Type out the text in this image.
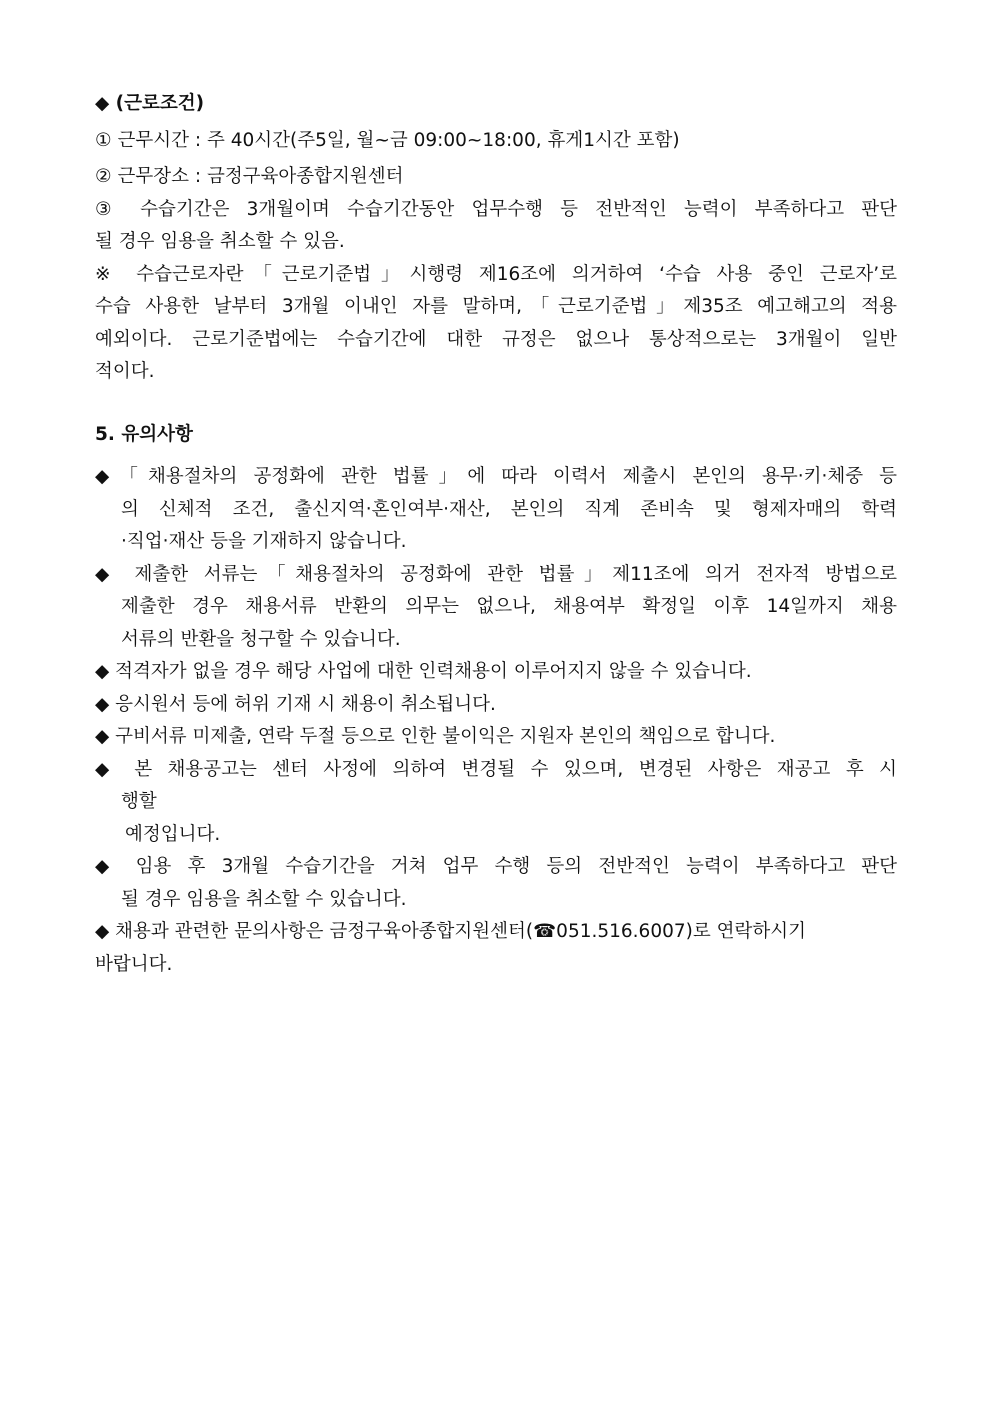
◆ (근로조건)
① 근무시간 : 주 40시간(주5일, 월~금 09:00~18:00, 휴게1시간 포함)
② 근무장소 : 금정구육아종합지원센터
③ 수습기간은 3개월이며 수습기간동안 업무수행 등 전반적인 능력이 부족하다고 판단
될 경우 임용을 취소할 수 있음.
※ 수습근로자란「근로기준법」시행령 제16조에 의거하여 ‘수습 사용 중인 근로자’로
수습 사용한 날부터 3개월 이내인 자를 말하며,「근로기준법」제35조 예고해고의 적용
예외이다. 근로기준법에는 수습기간에 대한 규정은 없으나 통상적으로는 3개월이 일반
적이다.
5. 유의사항
◆「채용절차의 공정화에 관한 법률」에 따라 이력서 제출시 본인의 용무·키·체중 등
의 신체적 조건, 출신지역·혼인여부·재산, 본인의 직계 존비속 및 형제자매의 학력
·직업·재산 등을 기재하지 않습니다.
◆ 제출한 서류는「채용절차의 공정화에 관한 법률」제11조에 의거 전자적 방법으로
제출한 경우 채용서류 반환의 의무는 없으나, 채용여부 확정일 이후 14일까지 채용
서류의 반환을 청구할 수 있습니다.
◆ 적격자가 없을 경우 해당 사업에 대한 인력채용이 이루어지지 않을 수 있습니다.
◆ 응시원서 등에 허위 기재 시 채용이 취소됩니다.
◆ 구비서류 미제출, 연락 두절 등으로 인한 불이익은 지원자 본인의 책임으로 합니다.
◆ 본 채용공고는 센터 사정에 의하여 변경될 수 있으며, 변경된 사항은 재공고 후 시
행할
예정입니다.
◆ 임용 후 3개월 수습기간을 거쳐 업무 수행 등의 전반적인 능력이 부족하다고 판단
될 경우 임용을 취소할 수 있습니다.
◆ 채용과 관련한 문의사항은 금정구육아종합지원센터(☎051.516.6007)로 연락하시기
바랍니다.
